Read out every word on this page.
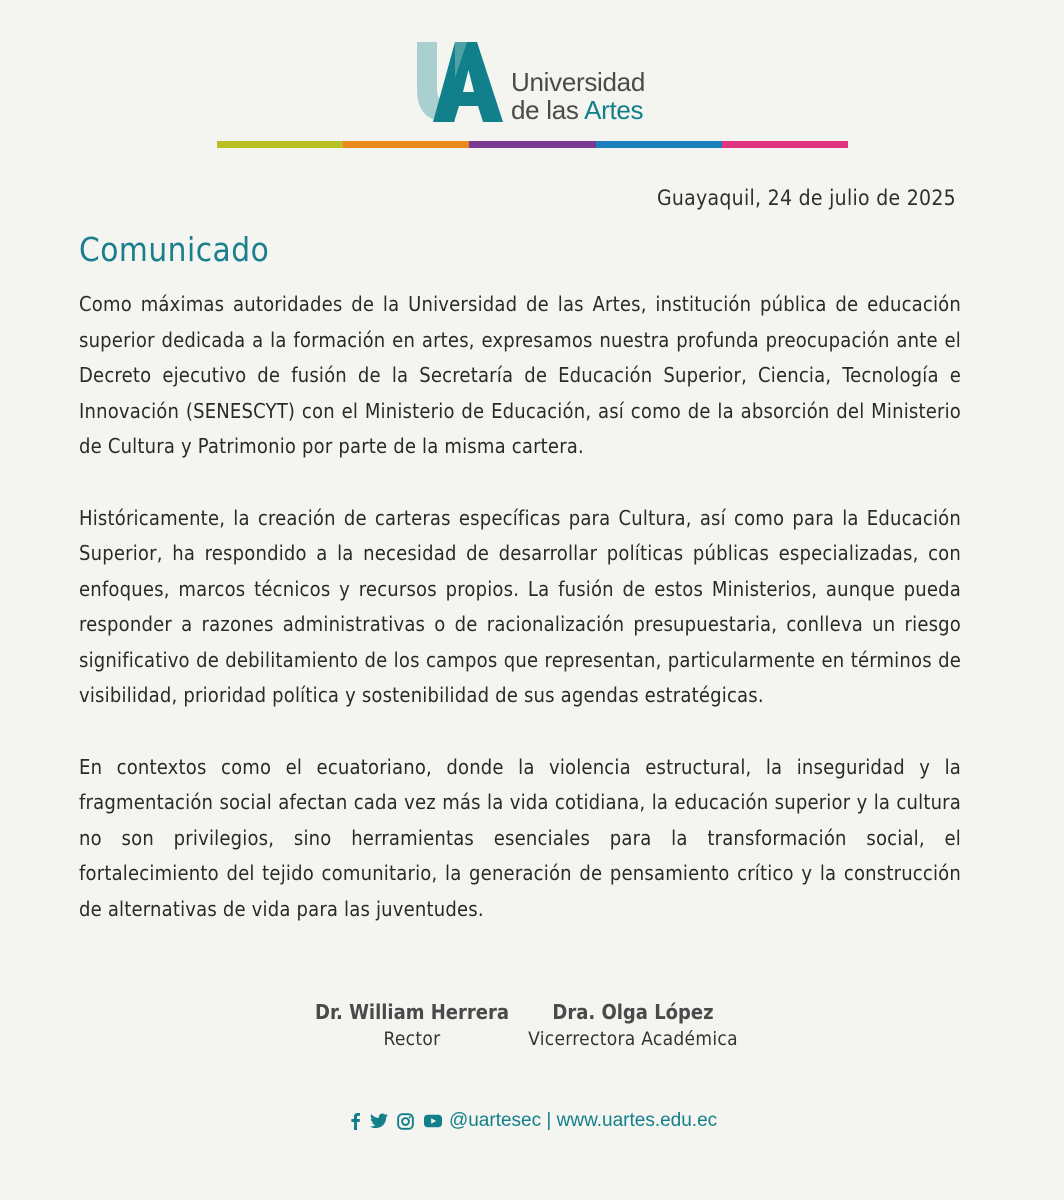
Universidad
de las Artes
Guayaquil, 24 de julio de 2025
Comunicado

Como máximas autoridades de la Universidad de las Artes, institución pública de educación superior dedicada a la formación en artes, expresamos nuestra profunda preocupación ante el Decreto ejecutivo de fusión de la Secretaría de Educación Superior, Ciencia, Tecnología e Innovación (SENESCYT) con el Ministerio de Educación, así como de la absorción del Ministerio de Cultura y Patrimonio por parte de la misma cartera.

Históricamente, la creación de carteras específicas para Cultura, así como para la Educación Superior, ha respondido a la necesidad de desarrollar políticas públicas especializadas, con enfoques, marcos técnicos y recursos propios. La fusión de estos Ministerios, aunque pueda responder a razones administrativas o de racionalización presupuestaria, conlleva un riesgo significativo de debilitamiento de los campos que representan, particularmente en términos de visibilidad, prioridad política y sostenibilidad de sus agendas estratégicas.

En contextos como el ecuatoriano, donde la violencia estructural, la inseguridad y la fragmentación social afectan cada vez más la vida cotidiana, la educación superior y la cultura no son privilegios, sino herramientas esenciales para la transformación social, el fortalecimiento del tejido comunitario, la generación de pensamiento crítico y la construcción de alternativas de vida para las juventudes.

Dr. William Herrera
Rector
Dra. Olga López
Vicerrectora Académica
@uartesec | www.uartes.edu.ec
